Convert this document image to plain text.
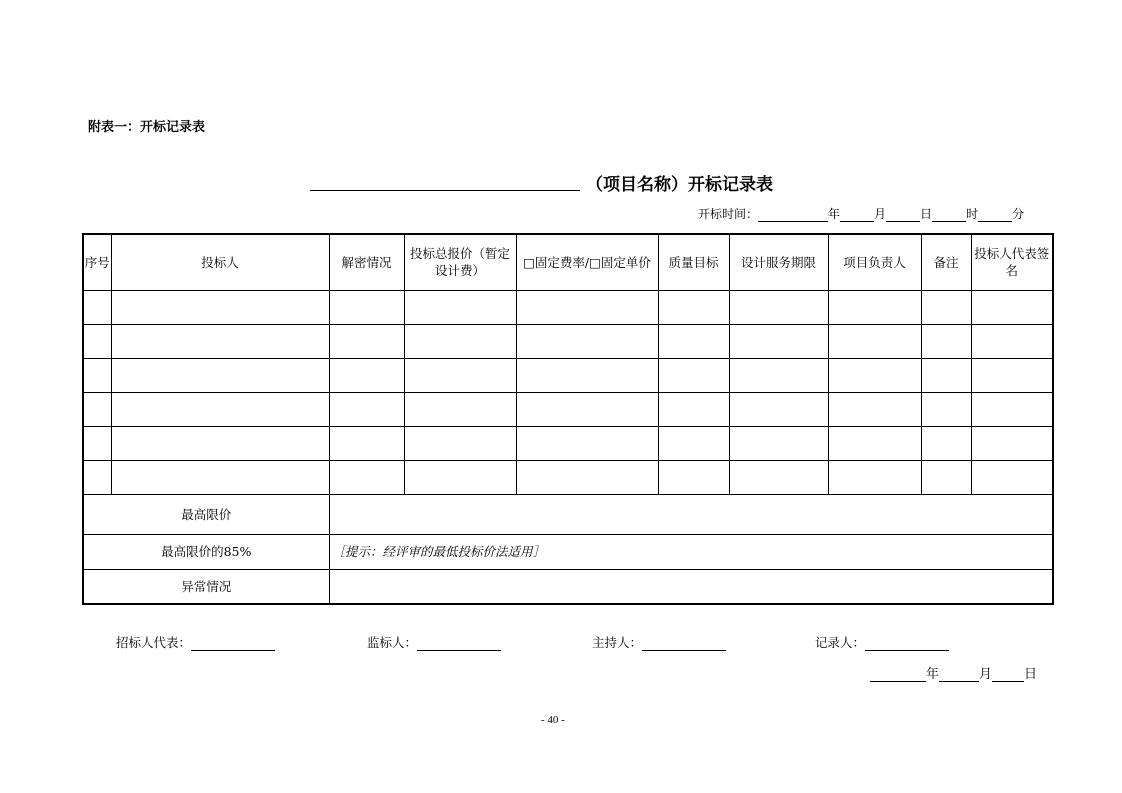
附表一：开标记录表
（项目名称）开标记录表
开标时间：	年	月	日	时	分
序号	投标人	解密情况	投标总报价（暂定设计费）	□固定费率/□固定单价	质量目标	设计服务期限	项目负责人	备注	投标人代表签名

最高限价									
最高限价的85%		［提示：经评审的最低投标价法适用］							
异常情况									
招标人代表：	监标人：	主持人：	记录人：
年	月 日
- 40 -
